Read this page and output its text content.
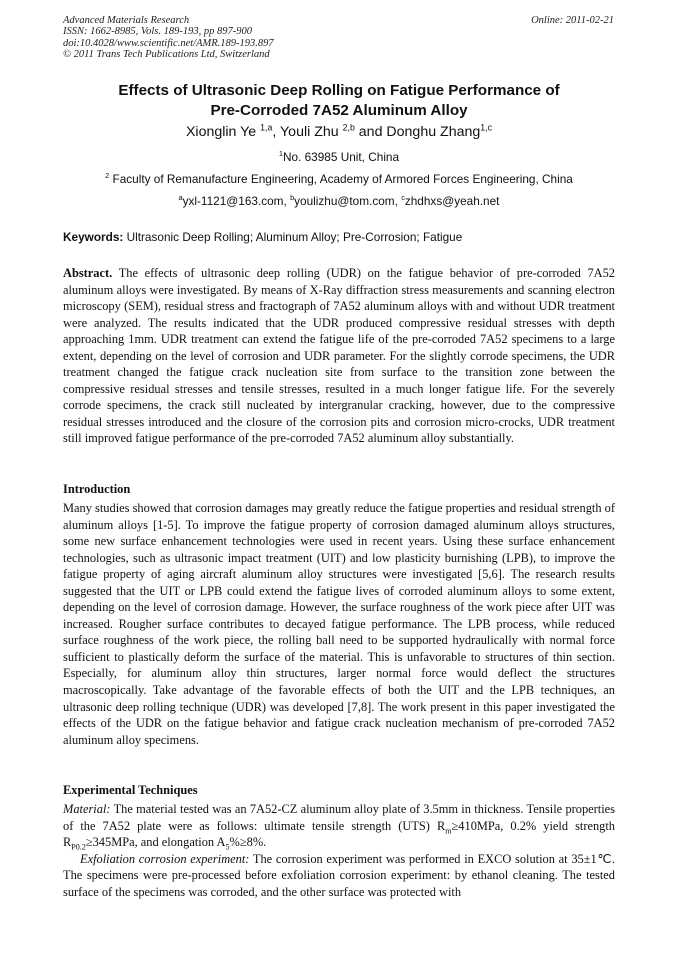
Advanced Materials Research
ISSN: 1662-8985, Vols. 189-193, pp 897-900
doi:10.4028/www.scientific.net/AMR.189-193.897
© 2011 Trans Tech Publications Ltd, Switzerland
Online: 2011-02-21
Effects of Ultrasonic Deep Rolling on Fatigue Performance of
Pre-Corroded 7A52 Aluminum Alloy
Xionglin Ye $^{1,a}$, Youli Zhu $^{2,b}$ and Donghu Zhang$^{1,c}$
$^1$No. 63985 Unit, China
$^2$ Faculty of Remanufacture Engineering, Academy of Armored Forces Engineering, China
$^a$yxl-1121@163.com, $^b$youlizhu@tom.com, $^c$zhdhxs@yeah.net
Keywords: Ultrasonic Deep Rolling; Aluminum Alloy; Pre-Corrosion; Fatigue
Abstract. The effects of ultrasonic deep rolling (UDR) on the fatigue behavior of pre-corroded 7A52 aluminum alloys were investigated. By means of X-Ray diffraction stress measurements and scanning electron microscopy (SEM), residual stress and fractograph of 7A52 aluminum alloys with and without UDR treatment were analyzed. The results indicated that the UDR produced compressive residual stresses with depth approaching 1mm. UDR treatment can extend the fatigue life of the pre-corroded 7A52 specimens to a large extent, depending on the level of corrosion and UDR parameter. For the slightly corrode specimens, the UDR treatment changed the fatigue crack nucleation site from surface to the transition zone between the compressive residual stresses and tensile stresses, resulted in a much longer fatigue life. For the severely corrode specimens, the crack still nucleated by intergranular cracking, however, due to the compressive residual stresses introduced and the closure of the corrosion pits and corrosion micro-crocks, UDR treatment still improved fatigue performance of the pre-corroded 7A52 aluminum alloy substantially.
Introduction
Many studies showed that corrosion damages may greatly reduce the fatigue properties and residual strength of aluminum alloys [1-5]. To improve the fatigue property of corrosion damaged aluminum alloys structures, some new surface enhancement technologies were used in recent years. Using these surface enhancement technologies, such as ultrasonic impact treatment (UIT) and low plasticity burnishing (LPB), to improve the fatigue property of aging aircraft aluminum alloy structures were investigated [5,6]. The research results suggested that the UIT or LPB could extend the fatigue lives of corroded aluminum alloys to some extent, depending on the level of corrosion damage. However, the surface roughness of the work piece after UIT was increased. Rougher surface contributes to decayed fatigue performance. The LPB process, while reduced surface roughness of the work piece, the rolling ball need to be supported hydraulically with normal force sufficient to plastically deform the surface of the material. This is unfavorable to structures of thin section. Especially, for aluminum alloy thin structures, larger normal force would deflect the structures macroscopically. Take advantage of the favorable effects of both the UIT and the LPB techniques, an ultrasonic deep rolling technique (UDR) was developed [7,8]. The work present in this paper investigated the effects of the UDR on the fatigue behavior and fatigue crack nucleation mechanism of pre-corroded 7A52 aluminum alloy specimens.
Experimental Techniques

Material: The material tested was an 7A52-CZ aluminum alloy plate of 3.5mm in thickness. Tensile properties of the 7A52 plate were as follows: ultimate tensile strength (UTS) $R_m\ge 410MPa$, 0.2% yield strength $R_{P0.2}\ge 345MPa$, and elongation $A_5\%\ge 8\%$.

Exfoliation corrosion experiment: The corrosion experiment was performed in EXCO solution at 35±1℃. The specimens were pre-processed before exfoliation corrosion experiment: by ethanol cleaning. The tested surface of the specimens was corroded, and the other surface was protected with
